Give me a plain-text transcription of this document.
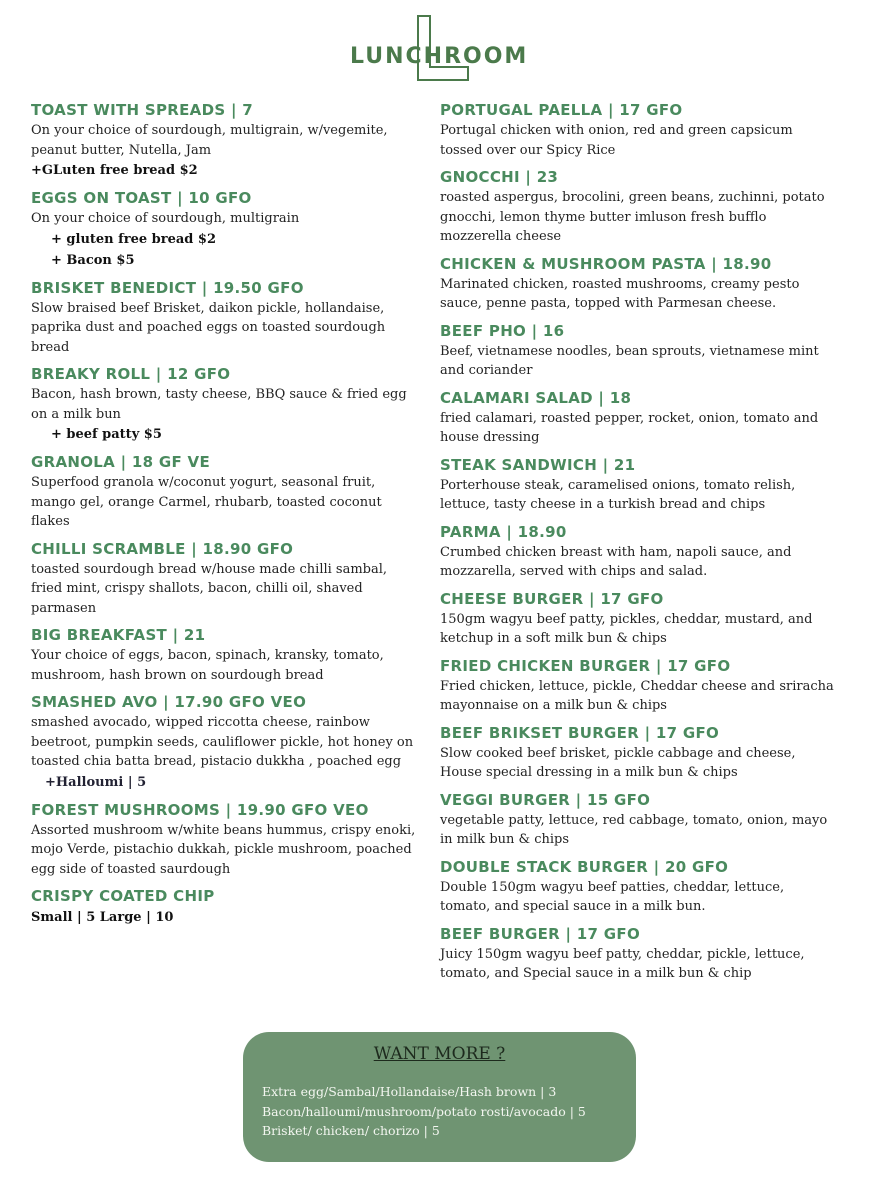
LUNCHROOM
TOAST WITH SPREADS | 7
On your choice of sourdough, multigrain, w/vegemite, peanut butter, Nutella, Jam
+GLuten free bread $2
EGGS ON TOAST | 10 GFO
On your choice of sourdough, multigrain
+ gluten free bread $2
+ Bacon $5
BRISKET BENEDICT | 19.50 GFO
Slow braised beef Brisket, daikon pickle, hollandaise, paprika dust and poached eggs on toasted sourdough bread
BREAKY ROLL | 12 GFO
Bacon, hash brown, tasty cheese, BBQ sauce & fried egg on a milk bun
+ beef patty $5
GRANOLA | 18 GF VE
Superfood granola w/coconut yogurt, seasonal fruit, mango gel, orange Carmel, rhubarb, toasted coconut flakes
CHILLI SCRAMBLE | 18.90 GFO
toasted sourdough bread w/house made chilli sambal, fried mint, crispy shallots, bacon, chilli oil, shaved parmasen
BIG BREAKFAST | 21
Your choice of eggs, bacon, spinach, kransky, tomato, mushroom, hash brown on sourdough bread
SMASHED AVO | 17.90 GFO VEO
smashed avocado, wipped riccotta cheese, rainbow beetroot, pumpkin seeds, cauliflower pickle, hot honey on toasted chia batta bread, pistacio dukkha , poached egg
+Halloumi | 5
FOREST MUSHROOMS | 19.90 GFO VEO
Assorted mushroom w/white beans hummus, crispy enoki, mojo Verde, pistachio dukkah, pickle mushroom, poached egg side of toasted saurdough
CRISPY COATED CHIP
Small | 5 Large | 10
PORTUGAL PAELLA | 17 GFO
Portugal chicken with onion, red and green capsicum tossed over our Spicy Rice
GNOCCHI | 23
roasted aspergus, brocolini, green beans, zuchinni, potato gnocchi, lemon thyme butter imluson fresh bufflo mozzerella cheese
CHICKEN & MUSHROOM PASTA | 18.90
Marinated chicken, roasted mushrooms, creamy pesto sauce, penne pasta, topped with Parmesan cheese.
BEEF PHO | 16
Beef, vietnamese noodles, bean sprouts, vietnamese mint and coriander
CALAMARI SALAD | 18
fried calamari, roasted pepper, rocket, onion, tomato and house dressing
STEAK SANDWICH | 21
Porterhouse steak, caramelised onions, tomato relish, lettuce, tasty cheese in a turkish bread and chips
PARMA | 18.90
Crumbed chicken breast with ham, napoli sauce, and mozzarella, served with chips and salad.
CHEESE BURGER | 17 GFO
150gm wagyu beef patty, pickles, cheddar, mustard, and ketchup in a soft milk bun & chips
FRIED CHICKEN BURGER | 17 GFO
Fried chicken, lettuce, pickle, Cheddar cheese and sriracha mayonnaise on a milk bun & chips
BEEF BRIKSET BURGER | 17 GFO
Slow cooked beef brisket, pickle cabbage and cheese, House special dressing in a milk bun & chips
VEGGI BURGER | 15 GFO
vegetable patty, lettuce, red cabbage, tomato, onion, mayo in milk bun & chips
DOUBLE STACK BURGER | 20 GFO
Double 150gm wagyu beef patties, cheddar, lettuce, tomato, and special sauce in a milk bun.
BEEF BURGER | 17 GFO
Juicy 150gm wagyu beef patty, cheddar, pickle, lettuce, tomato, and Special sauce in a milk bun & chip
WANT MORE ?
Extra egg/Sambal/Hollandaise/Hash brown | 3
Bacon/halloumi/mushroom/potato rosti/avocado | 5
Brisket/ chicken/ chorizo | 5
